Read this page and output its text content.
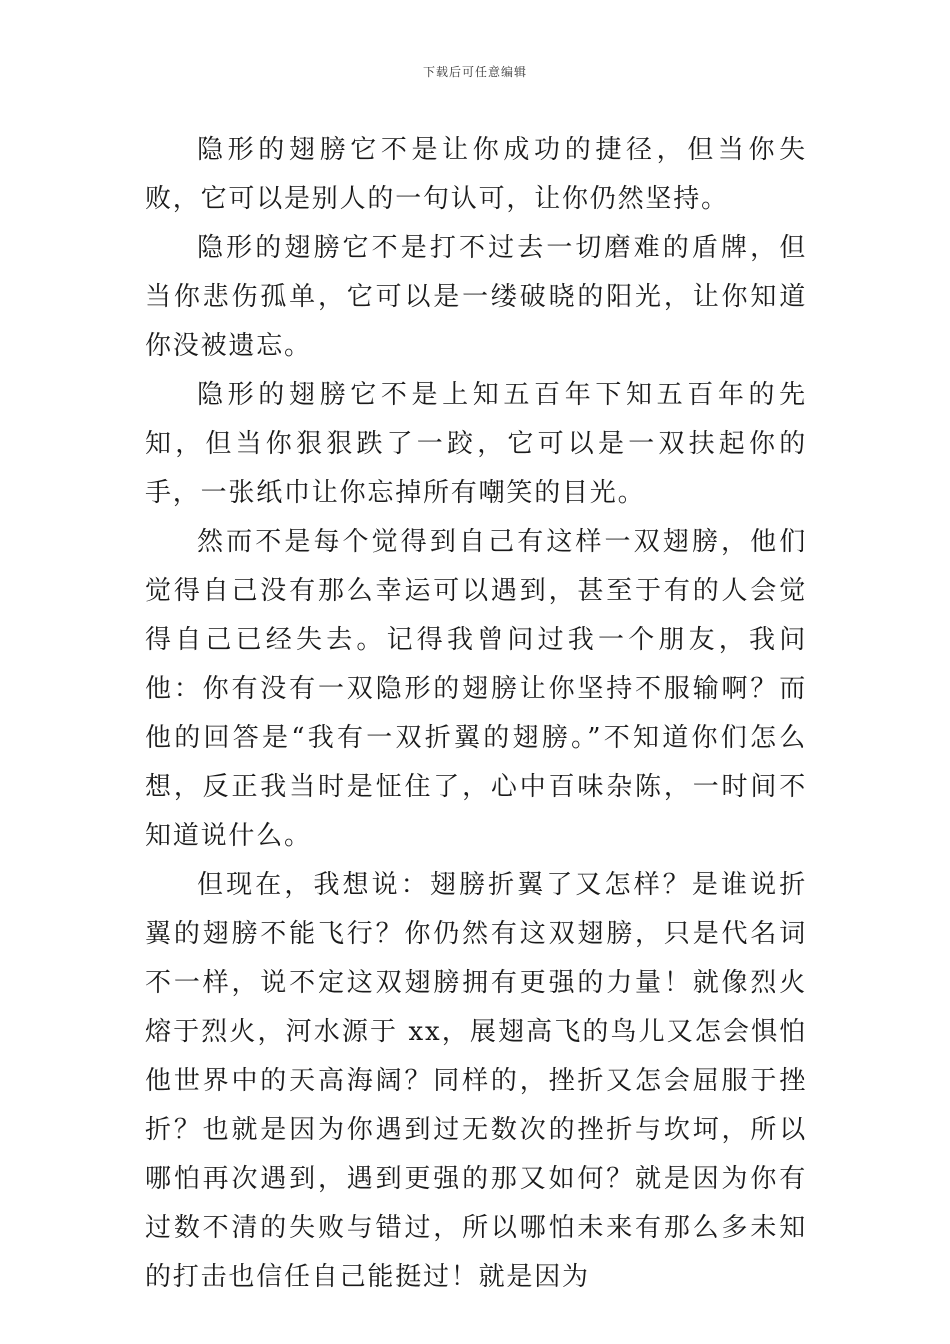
下载后可任意编辑

隐形的翅膀它不是让你成功的捷径，但当你失败，它可以是别人的一句认可，让你仍然坚持。

隐形的翅膀它不是打不过去一切磨难的盾牌，但当你悲伤孤单，它可以是一缕破晓的阳光，让你知道你没被遗忘。

隐形的翅膀它不是上知五百年下知五百年的先知，但当你狠狠跌了一跤，它可以是一双扶起你的手，一张纸巾让你忘掉所有嘲笑的目光。

然而不是每个觉得到自己有这样一双翅膀，他们觉得自己没有那么幸运可以遇到，甚至于有的人会觉得自己已经失去。记得我曾问过我一个朋友，我问他：你有没有一双隐形的翅膀让你坚持不服输啊？而他的回答是“我有一双折翼的翅膀。”不知道你们怎么想，反正我当时是怔住了，心中百味杂陈，一时间不知道说什么。

但现在，我想说：翅膀折翼了又怎样？是谁说折翼的翅膀不能飞行？你仍然有这双翅膀，只是代名词不一样，说不定这双翅膀拥有更强的力量！就像烈火熔于烈火，河水源于 xx，展翅高飞的鸟儿又怎会惧怕他世界中的天高海阔？同样的，挫折又怎会屈服于挫折？也就是因为你遇到过无数次的挫折与坎坷，所以哪怕再次遇到，遇到更强的那又如何？就是因为你有过数不清的失败与错过，所以哪怕未来有那么多未知的打击也信任自己能挺过！就是因为
